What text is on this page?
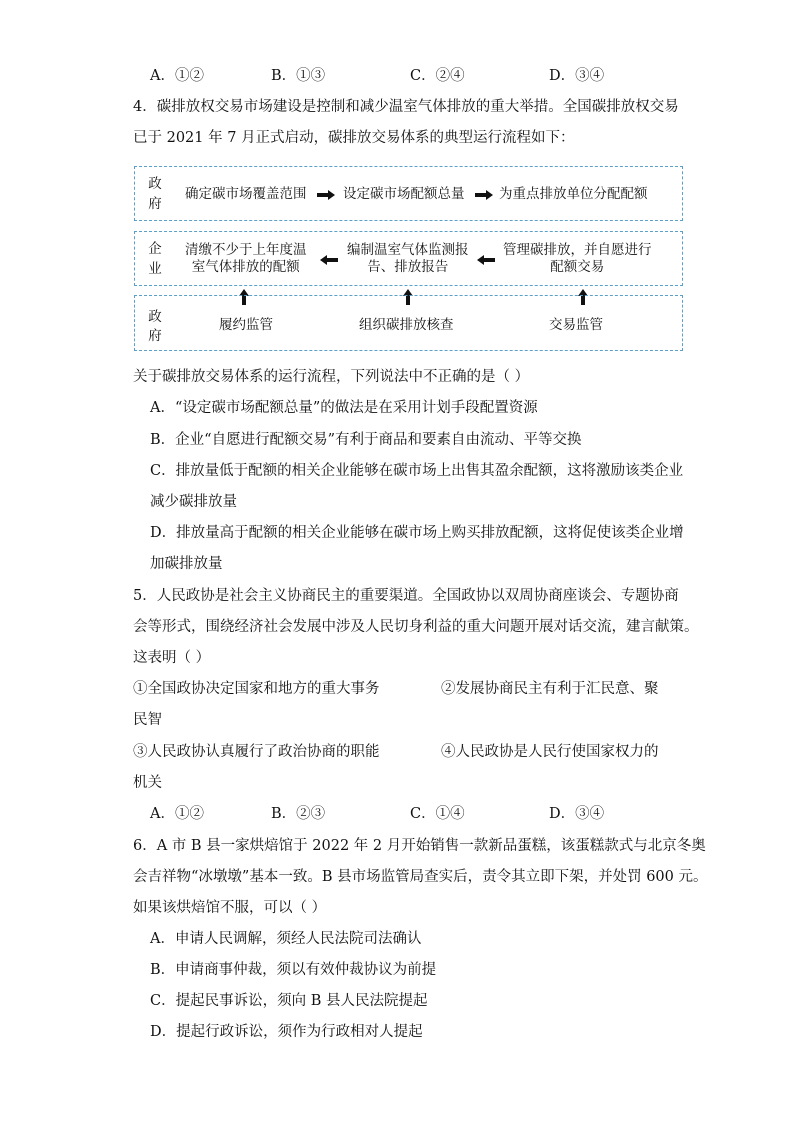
A．①②	B．①③	C．②④	D．③④
4．碳排放权交易市场建设是控制和减少温室气体排放的重大举措。全国碳排放权交易
已于 2021 年 7 月正式启动，碳排放交易体系的典型运行流程如下：
政
府
确定碳市场覆盖范围	设定碳市场配额总量	为重点排放单位分配配额
企
业
清缴不少于上年度温
室气体排放的配额
编制温室气体监测报
告、排放报告
管理碳排放，并自愿进行
配额交易
政
府
履约监管	组织碳排放核查	交易监管
关于碳排放交易体系的运行流程，下列说法中不正确的是（ ）
A．“设定碳市场配额总量”的做法是在采用计划手段配置资源
B．企业“自愿进行配额交易”有利于商品和要素自由流动、平等交换
C．排放量低于配额的相关企业能够在碳市场上出售其盈余配额，这将激励该类企业
减少碳排放量
D．排放量高于配额的相关企业能够在碳市场上购买排放配额，这将促使该类企业增
加碳排放量
5．人民政协是社会主义协商民主的重要渠道。全国政协以双周协商座谈会、专题协商
会等形式，围绕经济社会发展中涉及人民切身利益的重大问题开展对话交流，建言献策。
这表明（ ）
①全国政协决定国家和地方的重大事务	②发展协商民主有利于汇民意、聚
民智
③人民政协认真履行了政治协商的职能	④人民政协是人民行使国家权力的
机关
A．①②	B．②③	C．①④	D．③④
6．A 市 B 县一家烘焙馆于 2022 年 2 月开始销售一款新品蛋糕，该蛋糕款式与北京冬奥
会吉祥物“冰墩墩”基本一致。B 县市场监管局查实后，责令其立即下架，并处罚 600 元。
如果该烘焙馆不服，可以（ ）
A．申请人民调解，须经人民法院司法确认
B．申请商事仲裁，须以有效仲裁协议为前提
C．提起民事诉讼，须向 B 县人民法院提起
D．提起行政诉讼，须作为行政相对人提起
